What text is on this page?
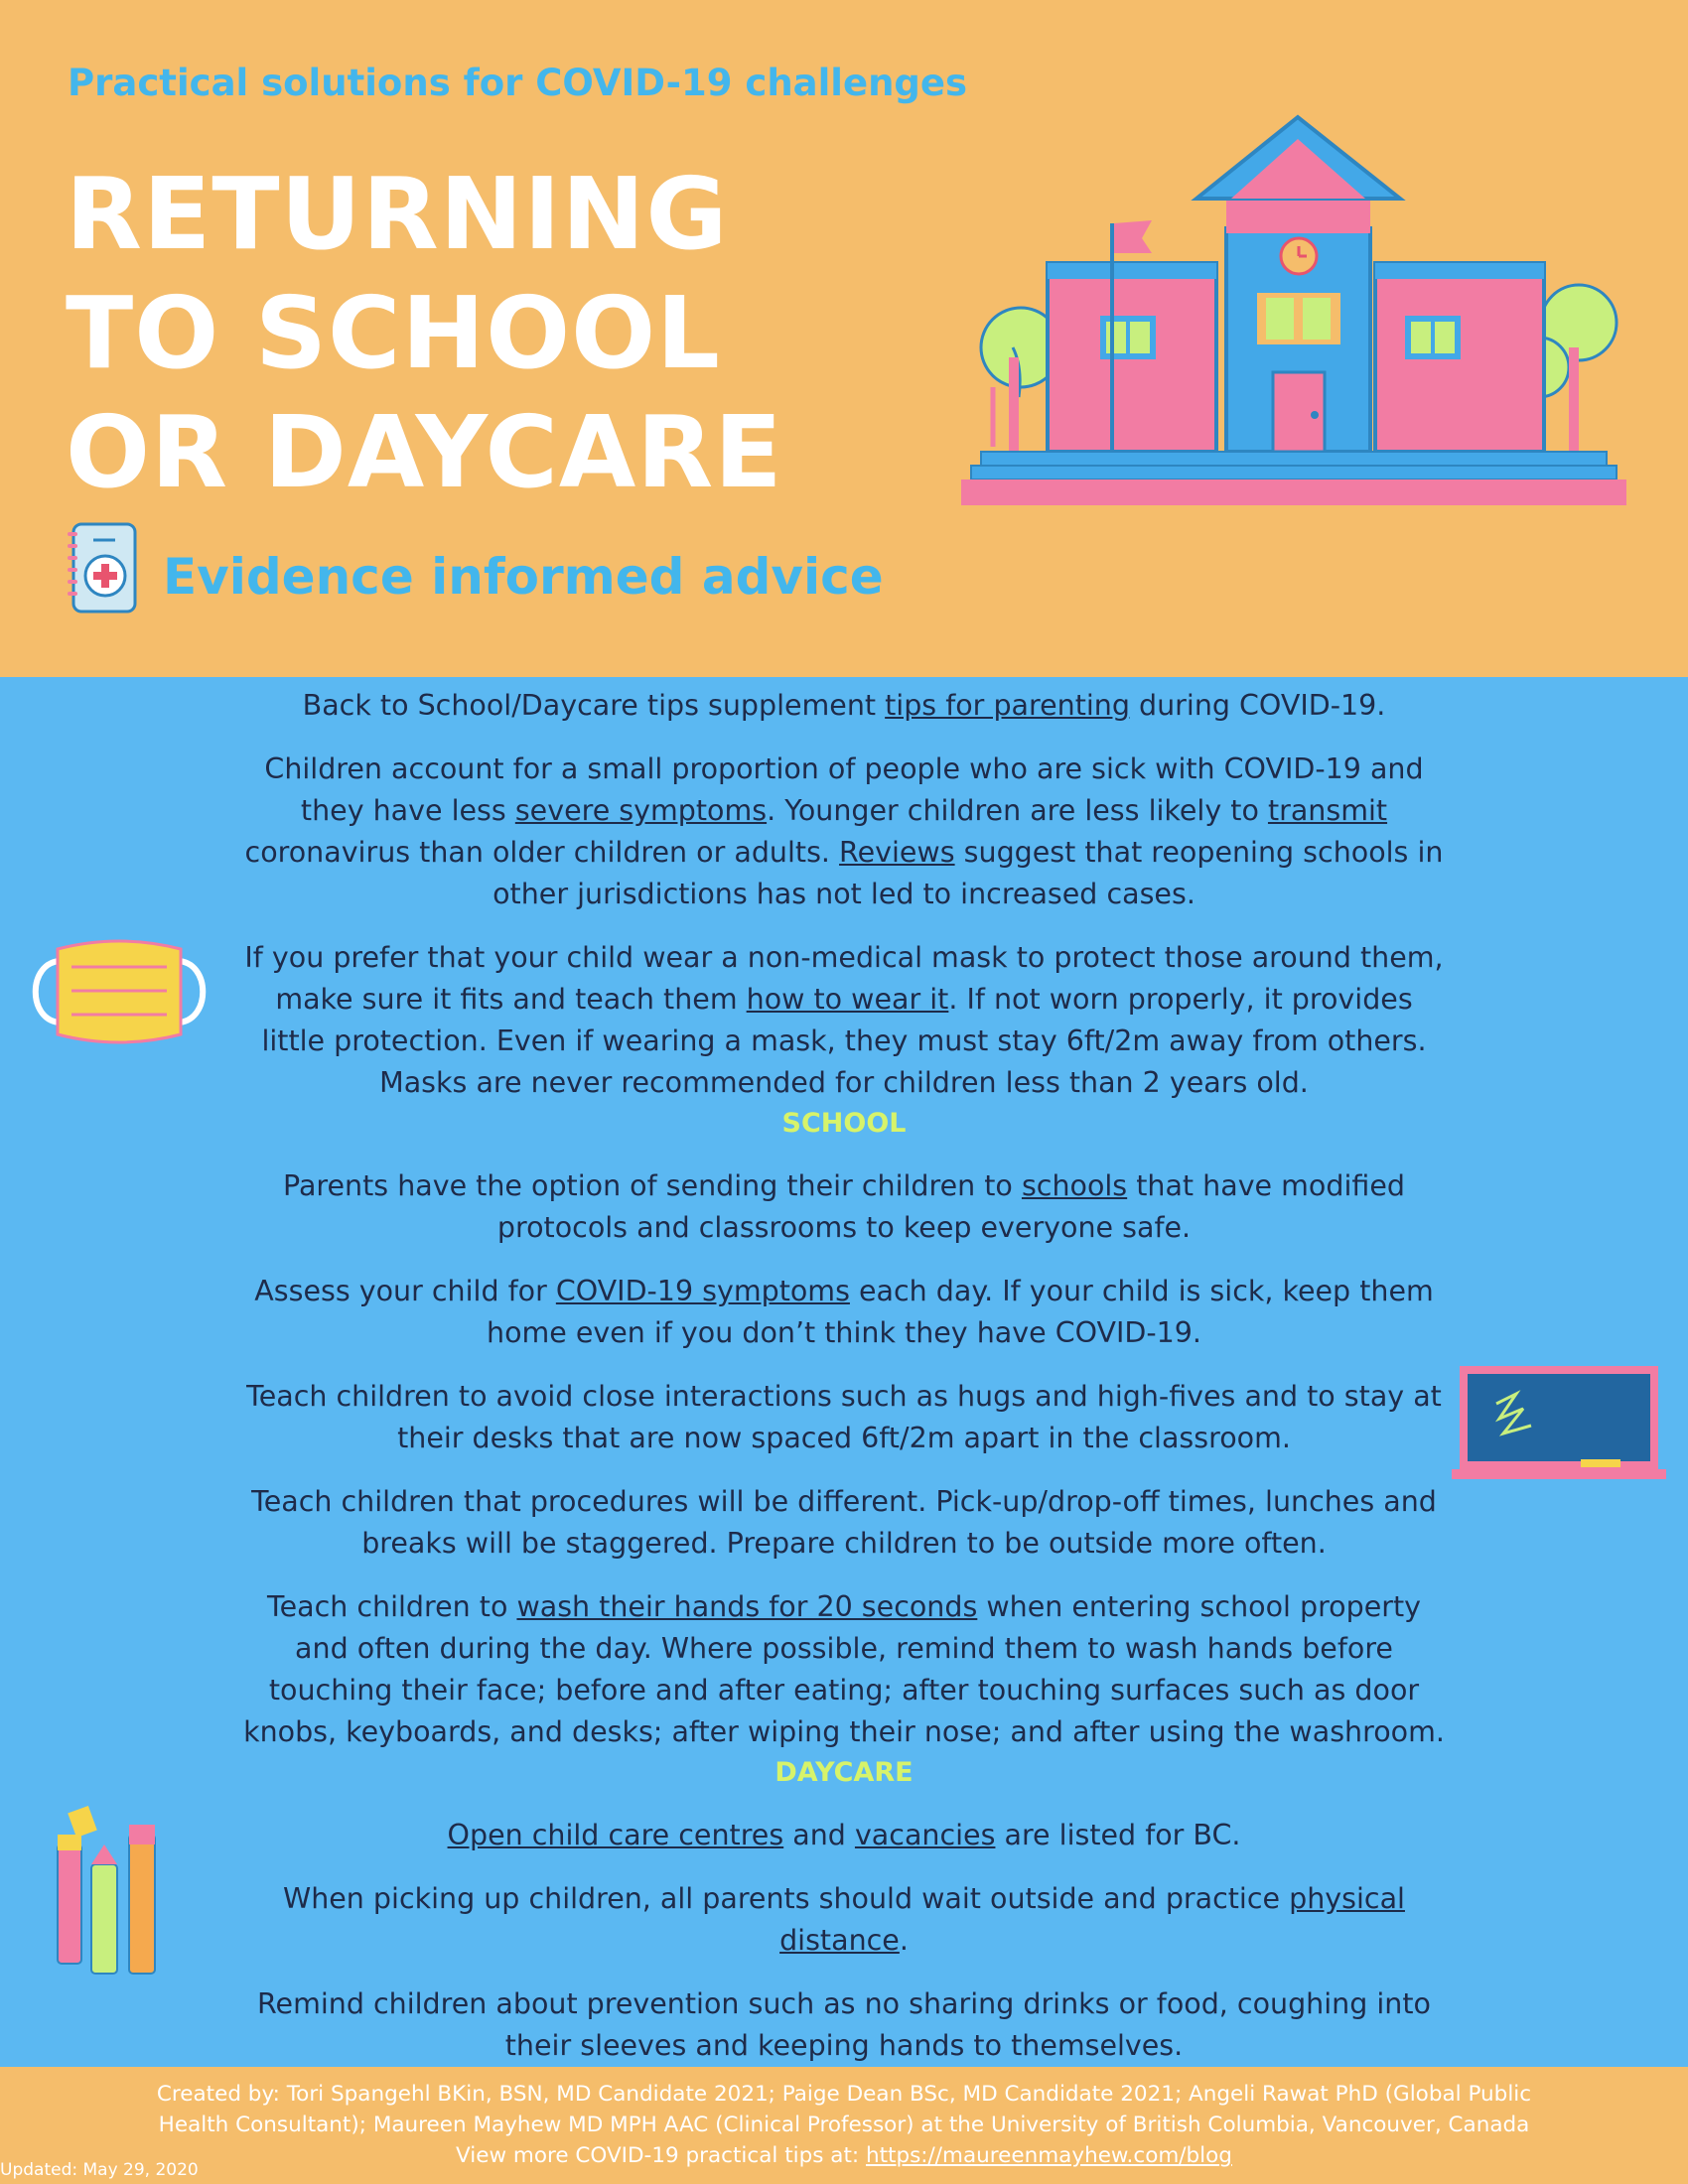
Practical solutions for COVID-19 challenges
RETURNING
TO SCHOOL
OR DAYCARE
Evidence informed advice

Back to School/Daycare tips supplement tips for parenting during COVID-19.

Children account for a small proportion of people who are sick with COVID-19 and they have less severe symptoms. Younger children are less likely to transmit coronavirus than older children or adults. Reviews suggest that reopening schools in other jurisdictions has not led to increased cases.

If you prefer that your child wear a non-medical mask to protect those around them, make sure it fits and teach them how to wear it. If not worn properly, it provides little protection. Even if wearing a mask, they must stay 6ft/2m away from others. Masks are never recommended for children less than 2 years old.

SCHOOL

Parents have the option of sending their children to schools that have modified protocols and classrooms to keep everyone safe.

Assess your child for COVID-19 symptoms each day. If your child is sick, keep them home even if you don’t think they have COVID-19.

Teach children to avoid close interactions such as hugs and high-fives and to stay at their desks that are now spaced 6ft/2m apart in the classroom.

Teach children that procedures will be different. Pick-up/drop-off times, lunches and breaks will be staggered. Prepare children to be outside more often.

Teach children to wash their hands for 20 seconds when entering school property and often during the day. Where possible, remind them to wash hands before touching their face; before and after eating; after touching surfaces such as door knobs, keyboards, and desks; after wiping their nose; and after using the washroom.

DAYCARE

Open child care centres and vacancies are listed for BC.

When picking up children, all parents should wait outside and practice physical distance.

Remind children about prevention such as no sharing drinks or food, coughing into their sleeves and keeping hands to themselves.

Created by: Tori Spangehl BKin, BSN, MD Candidate 2021; Paige Dean BSc, MD Candidate 2021; Angeli Rawat PhD (Global Public
Health Consultant); Maureen Mayhew MD MPH AAC (Clinical Professor) at the University of British Columbia, Vancouver, Canada
View more COVID-19 practical tips at: https://maureenmayhew.com/blog
Updated: May 29, 2020
